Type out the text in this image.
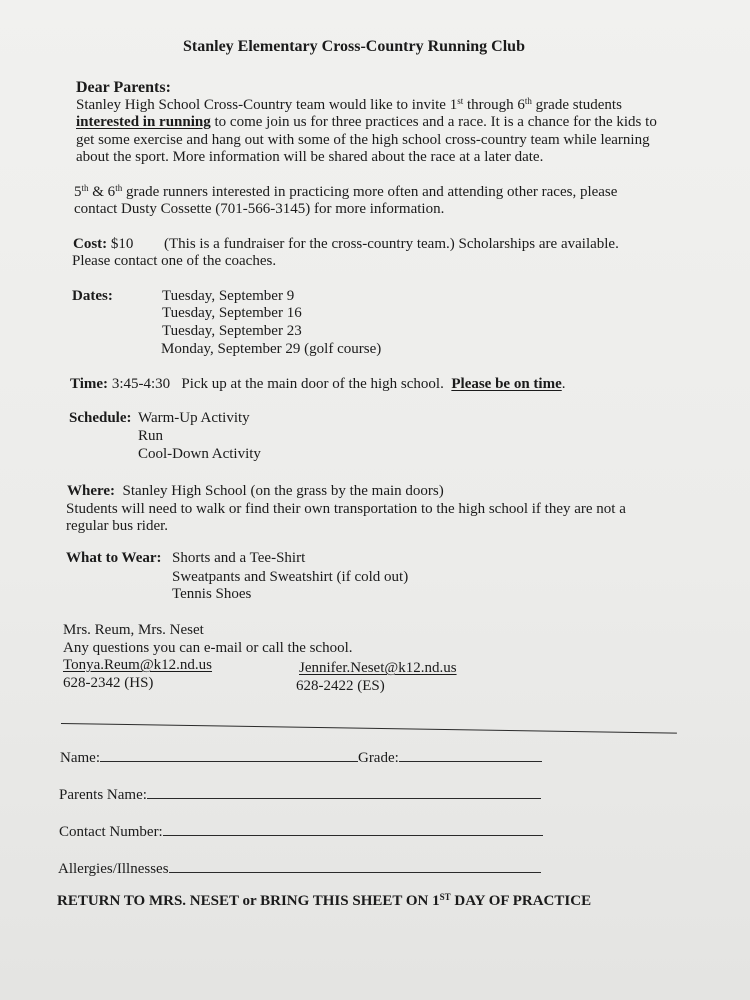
Stanley Elementary Cross-Country Running Club
Dear Parents:
Stanley High School Cross-Country team would like to invite 1st through 6th grade students
interested in running to come join us for three practices and a race. It is a chance for the kids to
get some exercise and hang out with some of the high school cross-country team while learning
about the sport. More information will be shared about the race at a later date.
5th & 6th grade runners interested in practicing more often and attending other races, please
contact Dusty Cossette (701-566-3145) for more information.
Cost: $10 (This is a fundraiser for the cross-country team.) Scholarships are available.
Please contact one of the coaches.
Dates:	Tuesday, September 9
Tuesday, September 16
Tuesday, September 23
Monday, September 29 (golf course)
Time: 3:45-4:30   Pick up at the main door of the high school.  Please be on time.
Schedule: Warm-Up Activity
Run
Cool-Down Activity
Where:  Stanley High School (on the grass by the main doors)
Students will need to walk or find their own transportation to the high school if they are not a
regular bus rider.
What to Wear: Shorts and a Tee-Shirt
Sweatpants and Sweatshirt (if cold out)
Tennis Shoes
Mrs. Reum, Mrs. Neset
Any questions you can e-mail or call the school.
Tonya.Reum@k12.nd.us
628-2342 (HS)
Jennifer.Neset@k12.nd.us
628-2422 (ES)
Name:	Grade:
Parents Name:
Contact Number:
Allergies/Illnesses
RETURN TO MRS. NESET or BRING THIS SHEET ON 1ST DAY OF PRACTICE
